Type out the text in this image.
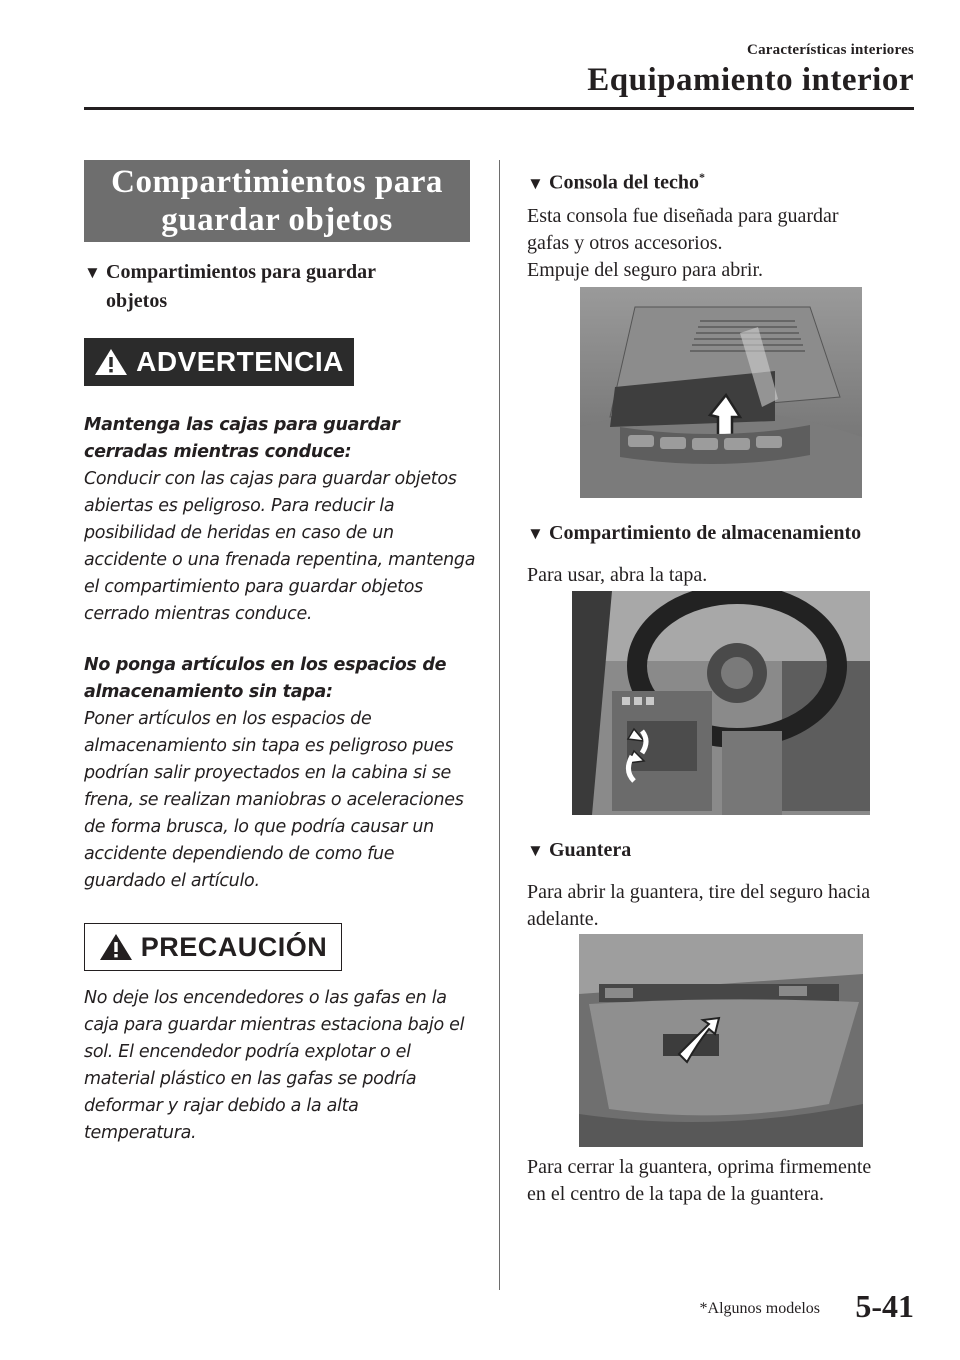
Características interiores
Equipamiento interior
Compartimientos para
guardar objetos
▼ Compartimientos para guardar
objetos
ADVERTENCIA

Mantenga las cajas para guardar cerradas mientras conduce:
Conducir con las cajas para guardar objetos abiertas es peligroso. Para reducir la posibilidad de heridas en caso de un accidente o una frenada repentina, mantenga el compartimiento para guardar objetos cerrado mientras conduce.

No ponga artículos en los espacios de almacenamiento sin tapa:
Poner artículos en los espacios de almacenamiento sin tapa es peligroso pues podrían salir proyectados en la cabina si se frena, se realizan maniobras o aceleraciones de forma brusca, lo que podría causar un accidente dependiendo de como fue guardado el artículo.

PRECAUCIÓN
No deje los encendedores o las gafas en la caja para guardar mientras estaciona bajo el sol. El encendedor podría explotar o el material plástico en las gafas se podría deformar y rajar debido a la alta temperatura.
▼ Consola del techo*
Esta consola fue diseñada para guardar
gafas y otros accesorios.
Empuje del seguro para abrir.
▼ Compartimiento de almacenamiento
Para usar, abra la tapa.
▼ Guantera
Para abrir la guantera, tire del seguro hacia
adelante.
Para cerrar la guantera, oprima firmemente
en el centro de la tapa de la guantera.
*Algunos modelos 5-41
